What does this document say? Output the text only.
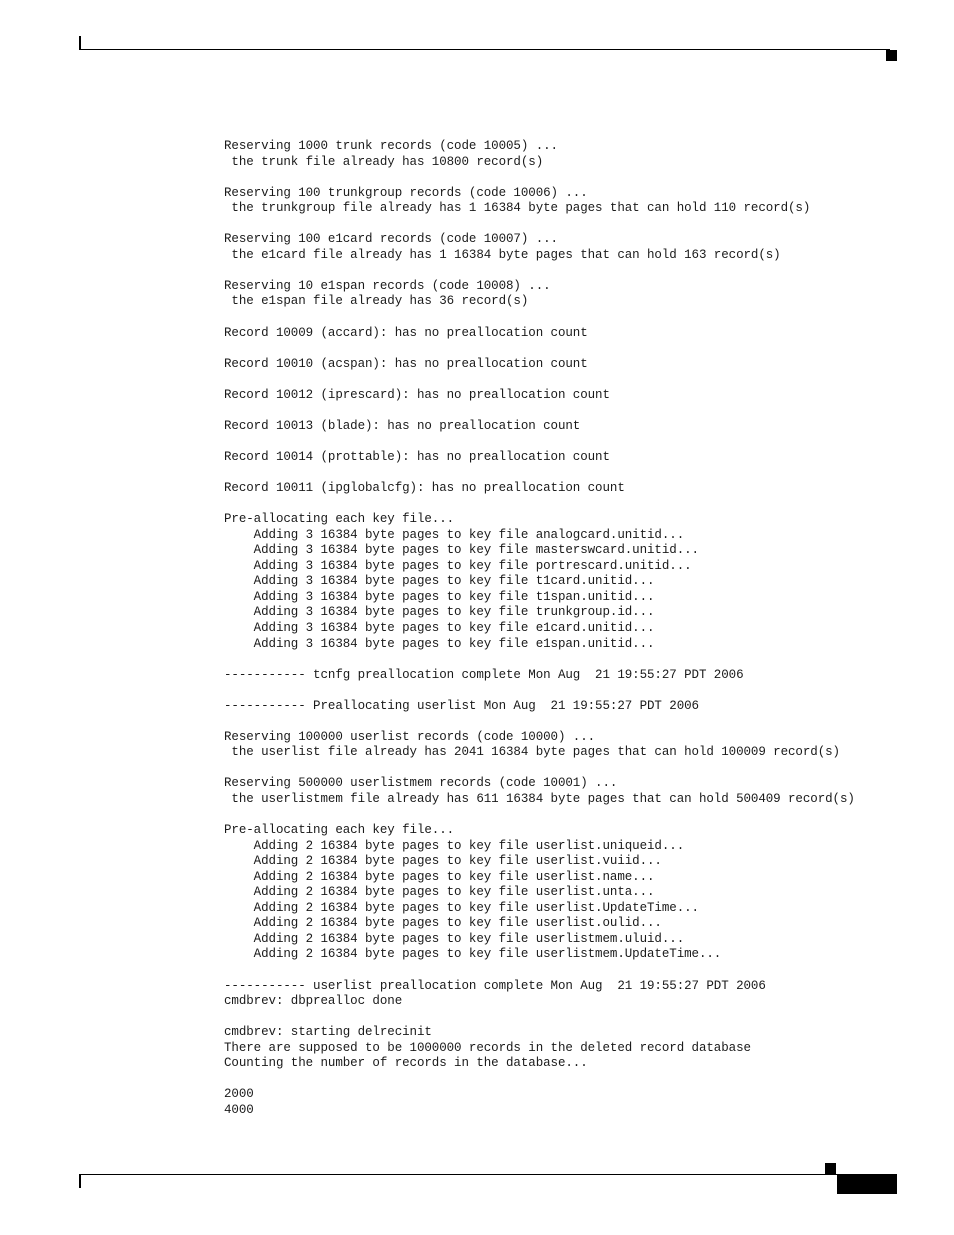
Reserving 1000 trunk records (code 10005) ...
the trunk file already has 10800 record(s)

Reserving 100 trunkgroup records (code 10006) ...
the trunkgroup file already has 1 16384 byte pages that can hold 110 record(s)

Reserving 100 e1card records (code 10007) ...
the e1card file already has 1 16384 byte pages that can hold 163 record(s)

Reserving 10 e1span records (code 10008) ...
the e1span file already has 36 record(s)

Record 10009 (accard): has no preallocation count

Record 10010 (acspan): has no preallocation count

Record 10012 (iprescard): has no preallocation count

Record 10013 (blade): has no preallocation count

Record 10014 (prottable): has no preallocation count

Record 10011 (ipglobalcfg): has no preallocation count

Pre-allocating each key file...
Adding 3 16384 byte pages to key file analogcard.unitid...
Adding 3 16384 byte pages to key file masterswcard.unitid...
Adding 3 16384 byte pages to key file portrescard.unitid...
Adding 3 16384 byte pages to key file t1card.unitid...
Adding 3 16384 byte pages to key file t1span.unitid...
Adding 3 16384 byte pages to key file trunkgroup.id...
Adding 3 16384 byte pages to key file e1card.unitid...
Adding 3 16384 byte pages to key file e1span.unitid...

----------- tcnfg preallocation complete Mon Aug  21 19:55:27 PDT 2006

----------- Preallocating userlist Mon Aug  21 19:55:27 PDT 2006

Reserving 100000 userlist records (code 10000) ...
the userlist file already has 2041 16384 byte pages that can hold 100009 record(s)

Reserving 500000 userlistmem records (code 10001) ...
the userlistmem file already has 611 16384 byte pages that can hold 500409 record(s)

Pre-allocating each key file...
Adding 2 16384 byte pages to key file userlist.uniqueid...
Adding 2 16384 byte pages to key file userlist.vuiid...
Adding 2 16384 byte pages to key file userlist.name...
Adding 2 16384 byte pages to key file userlist.unta...
Adding 2 16384 byte pages to key file userlist.UpdateTime...
Adding 2 16384 byte pages to key file userlist.oulid...
Adding 2 16384 byte pages to key file userlistmem.uluid...
Adding 2 16384 byte pages to key file userlistmem.UpdateTime...

----------- userlist preallocation complete Mon Aug  21 19:55:27 PDT 2006
cmdbrev: dbprealloc done

cmdbrev: starting delrecinit
There are supposed to be 1000000 records in the deleted record database
Counting the number of records in the database...

2000
4000
